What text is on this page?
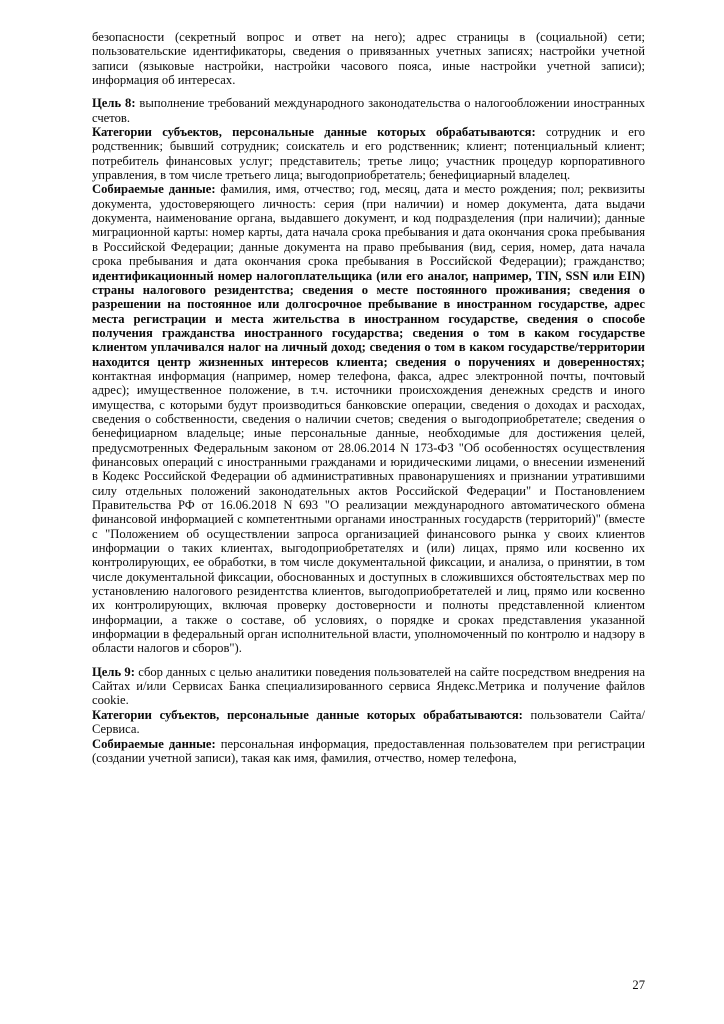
безопасности (секретный вопрос и ответ на него); адрес страницы в (социальной) сети; пользовательские идентификаторы, сведения о привязанных учетных записях; настройки учетной записи (языковые настройки, настройки часового пояса, иные настройки учетной записи); информация об интересах.

Цель 8: выполнение требований международного законодательства о налогообложении иностранных счетов.

Категории субъектов, персональные данные которых обрабатываются: сотрудник и его родственник; бывший сотрудник; соискатель и его родственник; клиент; потенциальный клиент; потребитель финансовых услуг; представитель; третье лицо; участник процедур корпоративного управления, в том числе третьего лица; выгодоприобретатель; бенефициарный владелец.

Собираемые данные: фамилия, имя, отчество; год, месяц, дата и место рождения; пол; реквизиты документа, удостоверяющего личность: серия (при наличии) и номер документа, дата выдачи документа, наименование органа, выдавшего документ, и код подразделения (при наличии); данные миграционной карты: номер карты, дата начала срока пребывания и дата окончания срока пребывания в Российской Федерации; данные документа на право пребывания (вид, серия, номер, дата начала срока пребывания и дата окончания срока пребывания в Российской Федерации); гражданство; идентификационный номер налогоплательщика (или его аналог, например, TIN, SSN или EIN) страны налогового резидентства; сведения о месте постоянного проживания; сведения о разрешении на постоянное или долгосрочное пребывание в иностранном государстве, адрес места регистрации и места жительства в иностранном государстве, сведения о способе получения гражданства иностранного государства; сведения о том в каком государстве клиентом уплачивался налог на личный доход; сведения о том в каком государстве/территории находится центр жизненных интересов клиента; сведения о поручениях и доверенностях; контактная информация (например, номер телефона, факса, адрес электронной почты, почтовый адрес); имущественное положение, в т.ч. источники происхождения денежных средств и иного имущества, с которыми будут производиться банковские операции, сведения о доходах и расходах, сведения о собственности, сведения о наличии счетов; сведения о выгодоприобретателе; сведения о бенефициарном владельце; иные персональные данные, необходимые для достижения целей, предусмотренных Федеральным законом от 28.06.2014 N 173-ФЗ "Об особенностях осуществления финансовых операций с иностранными гражданами и юридическими лицами, о внесении изменений в Кодекс Российской Федерации об административных правонарушениях и признании утратившими силу отдельных положений законодательных актов Российской Федерации" и Постановлением Правительства РФ от 16.06.2018 N 693 "О реализации международного автоматического обмена финансовой информацией с компетентными органами иностранных государств (территорий)" (вместе с "Положением об осуществлении запроса организацией финансового рынка у своих клиентов информации о таких клиентах, выгодоприобретателях и (или) лицах, прямо или косвенно их контролирующих, ее обработки, в том числе документальной фиксации, и анализа, о принятии, в том числе документальной фиксации, обоснованных и доступных в сложившихся обстоятельствах мер по установлению налогового резидентства клиентов, выгодоприобретателей и лиц, прямо или косвенно их контролирующих, включая проверку достоверности и полноты представленной клиентом информации, а также о составе, об условиях, о порядке и сроках представления указанной информации в федеральный орган исполнительной власти, уполномоченный по контролю и надзору в области налогов и сборов").

Цель 9: сбор данных с целью аналитики поведения пользователей на сайте посредством внедрения на Сайтах и/или Сервисах Банка специализированного сервиса Яндекс.Метрика и получение файлов cookie.

Категории субъектов, персональные данные которых обрабатываются: пользователи Сайта/Сервиса.

Собираемые данные: персональная информация, предоставленная пользователем при регистрации (создании учетной записи), такая как имя, фамилия, отчество, номер телефона,

27
